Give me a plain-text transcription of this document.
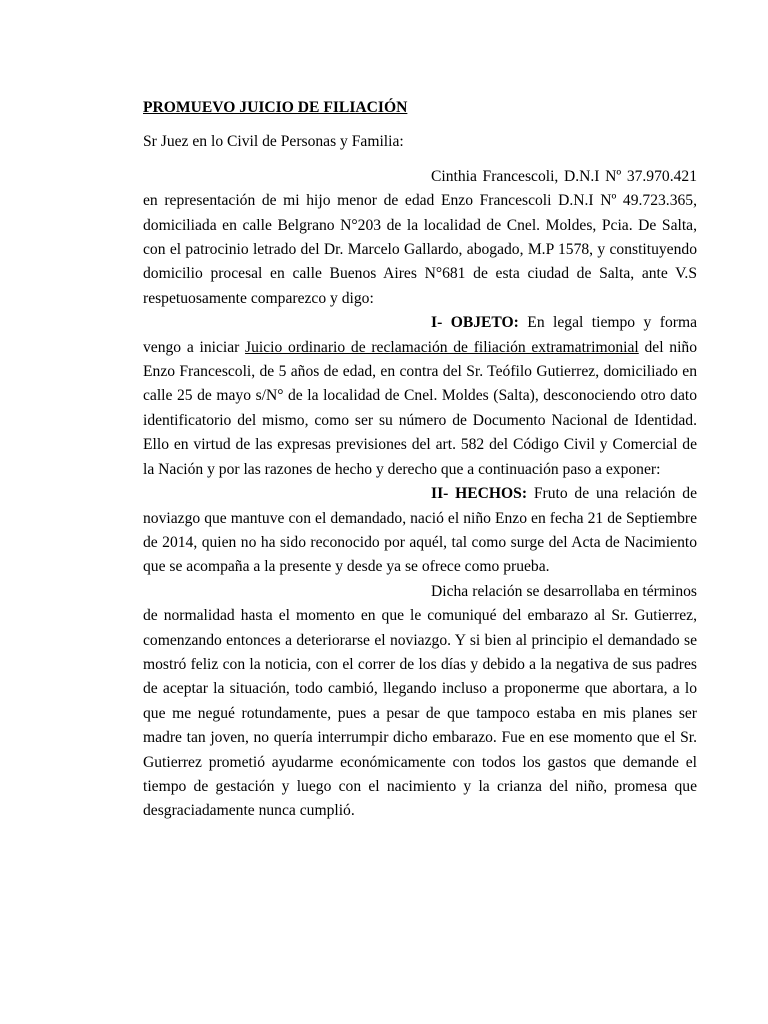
PROMUEVO JUICIO DE FILIACIÓN

Sr Juez en lo Civil de Personas y Familia:

Cinthia Francescoli, D.N.I Nº 37.970.421 en representación de mi hijo menor de edad Enzo Francescoli D.N.I Nº 49.723.365, domiciliada en calle Belgrano N°203 de la localidad de Cnel. Moldes, Pcia. De Salta, con el patrocinio letrado del Dr. Marcelo Gallardo, abogado, M.P 1578, y constituyendo domicilio procesal en calle Buenos Aires N°681 de esta ciudad de Salta, ante V.S respetuosamente comparezco y digo:

I- OBJETO: En legal tiempo y forma vengo a iniciar Juicio ordinario de reclamación de filiación extramatrimonial del niño Enzo Francescoli, de 5 años de edad, en contra del Sr. Teófilo Gutierrez, domiciliado en calle 25 de mayo s/N° de la localidad de Cnel. Moldes (Salta), desconociendo otro dato identificatorio del mismo, como ser su número de Documento Nacional de Identidad. Ello en virtud de las expresas previsiones del art. 582 del Código Civil y Comercial de la Nación y por las razones de hecho y derecho que a continuación paso a exponer:

II- HECHOS: Fruto de una relación de noviazgo que mantuve con el demandado, nació el niño Enzo en fecha 21 de Septiembre de 2014, quien no ha sido reconocido por aquél, tal como surge del Acta de Nacimiento que se acompaña a la presente y desde ya se ofrece como prueba.

Dicha relación se desarrollaba en términos de normalidad hasta el momento en que le comuniqué del embarazo al Sr. Gutierrez, comenzando entonces a deteriorarse el noviazgo. Y si bien al principio el demandado se mostró feliz con la noticia, con el correr de los días y debido a la negativa de sus padres de aceptar la situación, todo cambió, llegando incluso a proponerme que abortara, a lo que me negué rotundamente, pues a pesar de que tampoco estaba en mis planes ser madre tan joven, no quería interrumpir dicho embarazo. Fue en ese momento que el Sr. Gutierrez prometió ayudarme económicamente con todos los gastos que demande el tiempo de gestación y luego con el nacimiento y la crianza del niño, promesa que desgraciadamente nunca cumplió.
